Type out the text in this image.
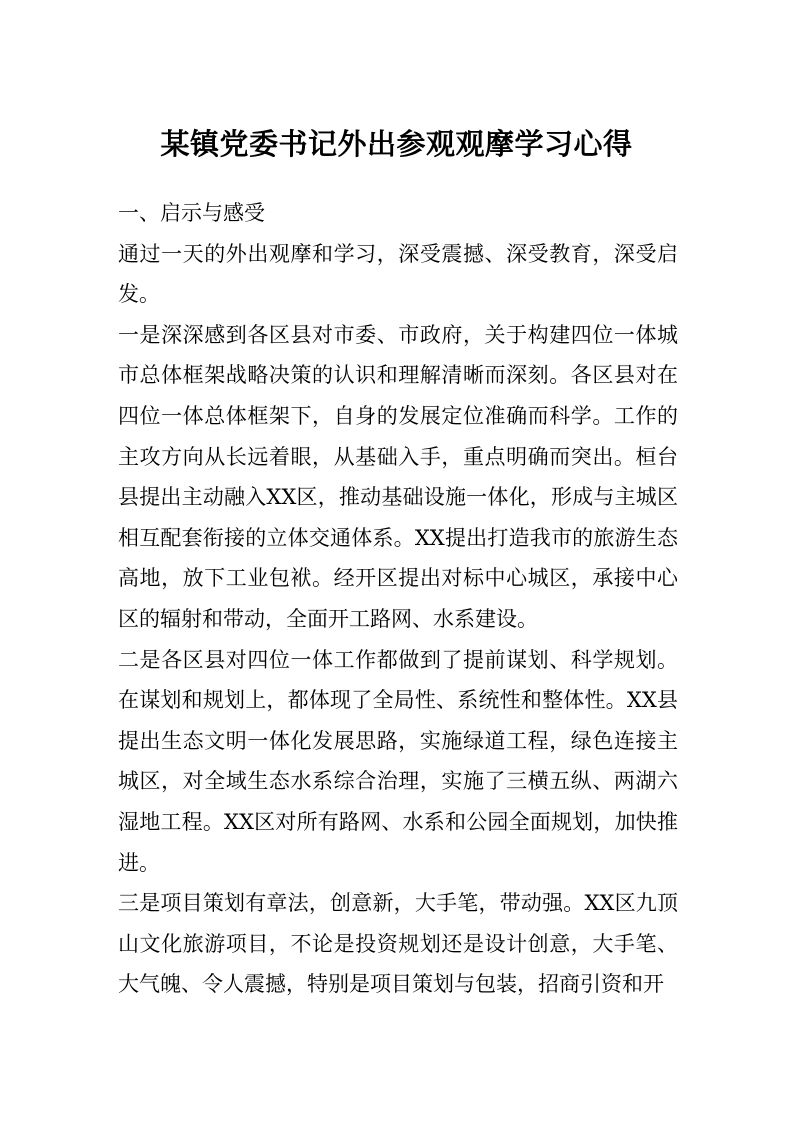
某镇党委书记外出参观观摩学习心得

一、启示与感受

通过一天的外出观摩和学习，深受震撼、深受教育，深受启发。

一是深深感到各区县对市委、市政府，关于构建四位一体城市总体框架战略决策的认识和理解清晰而深刻。各区县对在四位一体总体框架下，自身的发展定位准确而科学。工作的主攻方向从长远着眼，从基础入手，重点明确而突出。桓台县提出主动融入XX区，推动基础设施一体化，形成与主城区相互配套衔接的立体交通体系。XX提出打造我市的旅游生态高地，放下工业包袱。经开区提出对标中心城区，承接中心区的辐射和带动，全面开工路网、水系建设。

二是各区县对四位一体工作都做到了提前谋划、科学规划。在谋划和规划上，都体现了全局性、系统性和整体性。XX县提出生态文明一体化发展思路，实施绿道工程，绿色连接主城区，对全域生态水系综合治理，实施了三横五纵、两湖六湿地工程。XX区对所有路网、水系和公园全面规划，加快推进。

三是项目策划有章法，创意新，大手笔，带动强。XX区九顶山文化旅游项目，不论是投资规划还是设计创意，大手笔、大气魄、令人震撼，特别是项目策划与包装，招商引资和开
